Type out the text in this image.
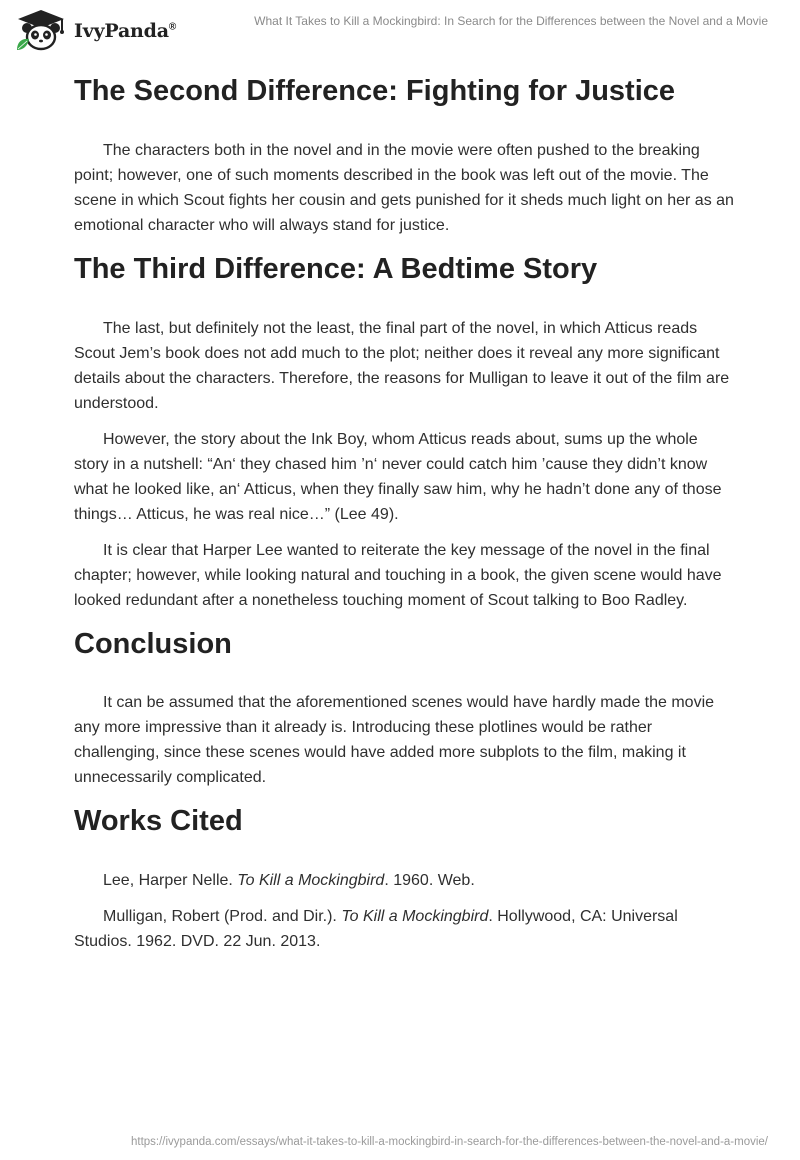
IvyPanda®	What It Takes to Kill a Mockingbird: In Search for the Differences between the Novel and a Movie
The Second Difference: Fighting for Justice

The characters both in the novel and in the movie were often pushed to the breaking point; however, one of such moments described in the book was left out of the movie. The scene in which Scout fights her cousin and gets punished for it sheds much light on her as an emotional character who will always stand for justice.

The Third Difference: A Bedtime Story

The last, but definitely not the least, the final part of the novel, in which Atticus reads Scout Jem’s book does not add much to the plot; neither does it reveal any more significant details about the characters. Therefore, the reasons for Mulligan to leave it out of the film are understood.

However, the story about the Ink Boy, whom Atticus reads about, sums up the whole story in a nutshell: “An‘ they chased him ’n‘ never could catch him ’cause they didn’t know what he looked like, an‘ Atticus, when they finally saw him, why he hadn’t done any of those things… Atticus, he was real nice…” (Lee 49).

It is clear that Harper Lee wanted to reiterate the key message of the novel in the final chapter; however, while looking natural and touching in a book, the given scene would have looked redundant after a nonetheless touching moment of Scout talking to Boo Radley.

Conclusion

It can be assumed that the aforementioned scenes would have hardly made the movie any more impressive than it already is. Introducing these plotlines would be rather challenging, since these scenes would have added more subplots to the film, making it unnecessarily complicated.

Works Cited

Lee, Harper Nelle. To Kill a Mockingbird. 1960. Web.

Mulligan, Robert (Prod. and Dir.). To Kill a Mockingbird. Hollywood, CA: Universal Studios. 1962. DVD. 22 Jun. 2013.

https://ivypanda.com/essays/what-it-takes-to-kill-a-mockingbird-in-search-for-the-differences-between-the-novel-and-a-movie/
